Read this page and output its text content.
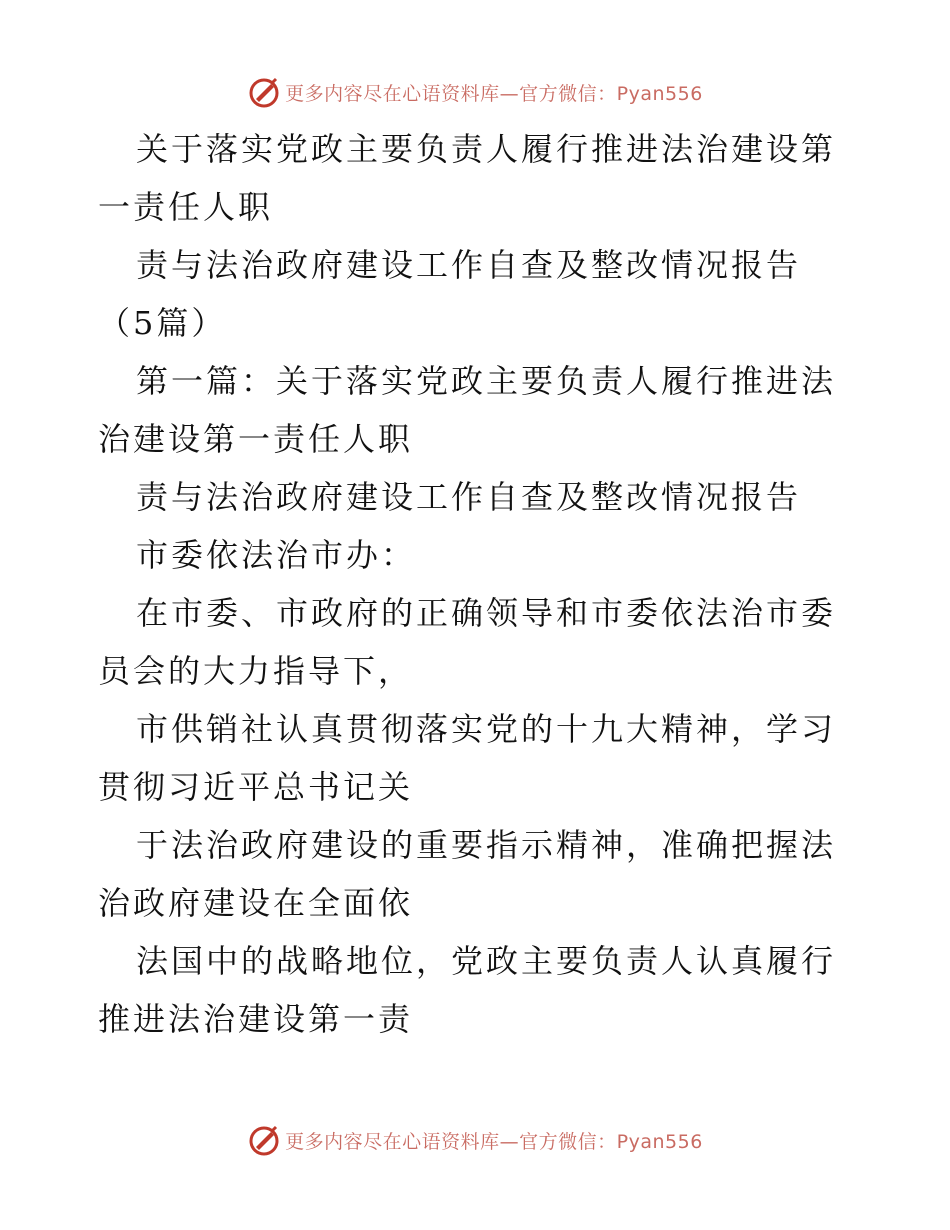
更多内容尽在心语资料库—官方微信：Pyan556

关于落实党政主要负责人履行推进法治建设第一责任人职

责与法治政府建设工作自查及整改情况报告（5篇）

第一篇：关于落实党政主要负责人履行推进法治建设第一责任人职

责与法治政府建设工作自查及整改情况报告

市委依法治市办：

在市委、市政府的正确领导和市委依法治市委员会的大力指导下，

市供销社认真贯彻落实党的十九大精神，学习贯彻习近平总书记关

于法治政府建设的重要指示精神，准确把握法治政府建设在全面依

法国中的战略地位，党政主要负责人认真履行推进法治建设第一责

更多内容尽在心语资料库—官方微信：Pyan556
